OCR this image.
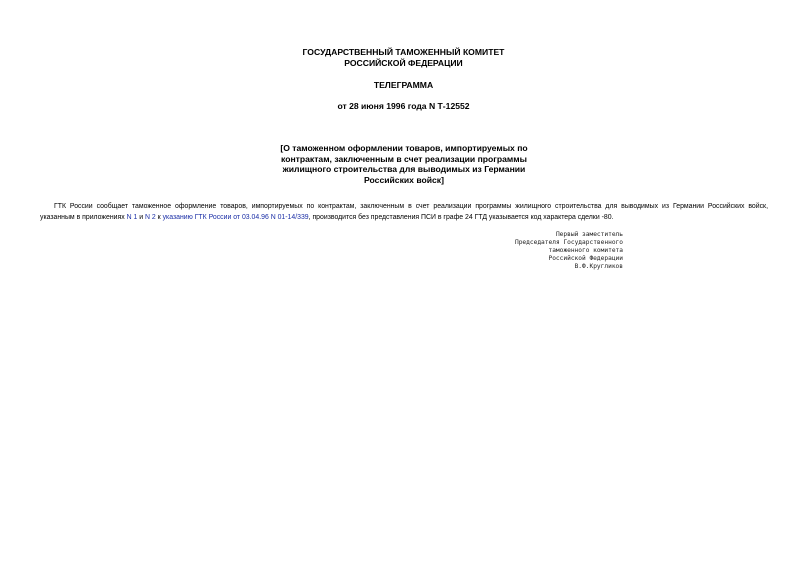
ГОСУДАРСТВЕННЫЙ ТАМОЖЕННЫЙ КОМИТЕТ
РОССИЙСКОЙ ФЕДЕРАЦИИ
ТЕЛЕГРАММА
от 28 июня 1996 года N Т-12552
[О таможенном оформлении товаров, импортируемых по
контрактам, заключенным в счет реализации программы
жилищного строительства для выводимых из Германии
Российских войск]
ГТК России сообщает таможенное оформление товаров, импортируемых по контрактам, заключенным в счет реализации программы жилищного строительства для выводимых из Германии Российских войск,
указанным в приложениях N 1 и N 2 к указанию ГТК России от 03.04.96 N 01-14/339, производится без представления ПСИ в графе 24 ГТД указывается код характера сделки -80.
Первый заместитель
Председателя Государственного
таможенного комитета
Российской Федерации
В.Ф.Кругликов
